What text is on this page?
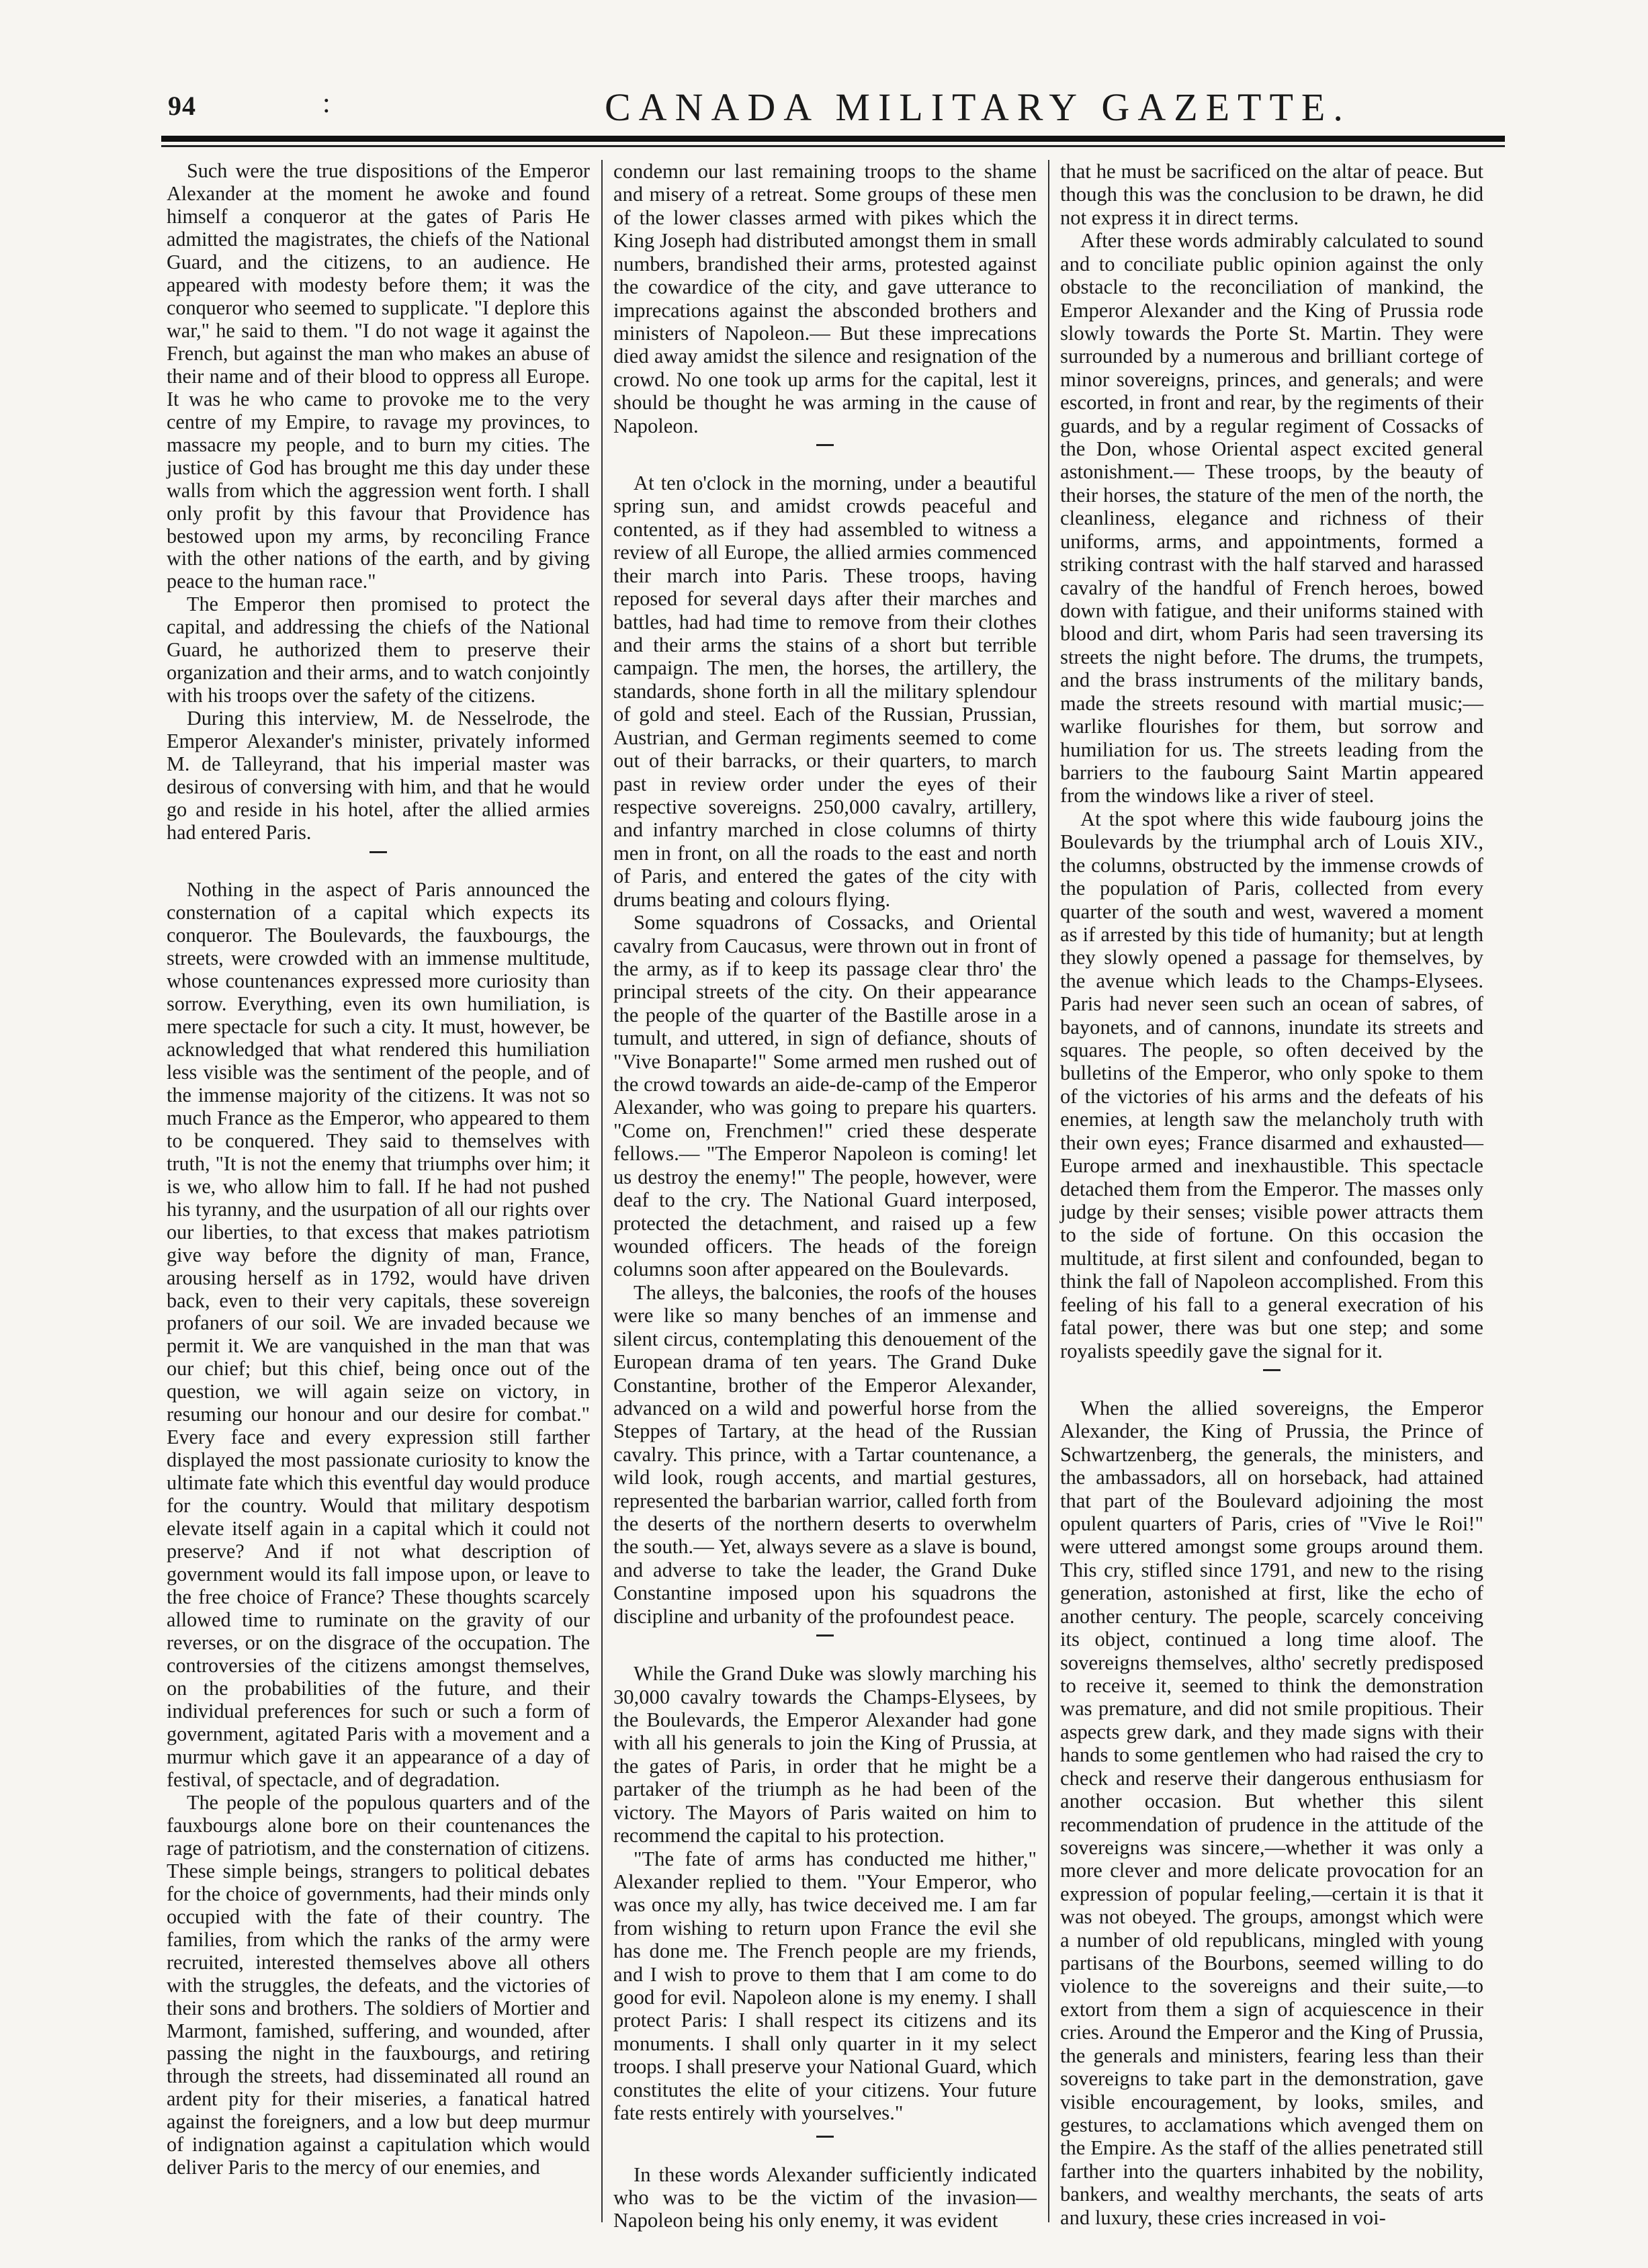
94	:	CANADA MILITARY GAZETTE.

Such were the true dispositions of the Emperor Alexander at the moment he awoke and found himself a conqueror at the gates of Paris He admitted the magistrates, the chiefs of the National Guard, and the citizens, to an audience. He appeared with modesty before them; it was the conqueror who seemed to supplicate. "I deplore this war," he said to them. "I do not wage it against the French, but against the man who makes an abuse of their name and of their blood to oppress all Europe. It was he who came to provoke me to the very centre of my Empire, to ravage my provinces, to massacre my people, and to burn my cities. The justice of God has brought me this day under these walls from which the aggression went forth. I shall only profit by this favour that Providence has bestowed upon my arms, by reconciling France with the other nations of the earth, and by giving peace to the human race."

The Emperor then promised to protect the capital, and addressing the chiefs of the National Guard, he authorized them to preserve their organization and their arms, and to watch conjointly with his troops over the safety of the citizens.

During this interview, M. de Nesselrode, the Emperor Alexander's minister, privately informed M. de Talleyrand, that his imperial master was desirous of conversing with him, and that he would go and reside in his hotel, after the allied armies had entered Paris.

Nothing in the aspect of Paris announced the consternation of a capital which expects its conqueror. The Boulevards, the fauxbourgs, the streets, were crowded with an immense multitude, whose countenances expressed more curiosity than sorrow. Everything, even its own humiliation, is mere spectacle for such a city. It must, however, be acknowledged that what rendered this humiliation less visible was the sentiment of the people, and of the immense majority of the citizens. It was not so much France as the Emperor, who appeared to them to be conquered. They said to themselves with truth, "It is not the enemy that triumphs over him; it is we, who allow him to fall. If he had not pushed his tyranny, and the usurpation of all our rights over our liberties, to that excess that makes patriotism give way before the dignity of man, France, arousing herself as in 1792, would have driven back, even to their very capitals, these sovereign profaners of our soil. We are invaded because we permit it. We are vanquished in the man that was our chief; but this chief, being once out of the question, we will again seize on victory, in resuming our honour and our desire for combat." Every face and every expression still farther displayed the most passionate curiosity to know the ultimate fate which this eventful day would produce for the country. Would that military despotism elevate itself again in a capital which it could not preserve? And if not what description of government would its fall impose upon, or leave to the free choice of France? These thoughts scarcely allowed time to ruminate on the gravity of our reverses, or on the disgrace of the occupation. The controversies of the citizens amongst themselves, on the probabilities of the future, and their individual preferences for such or such a form of government, agitated Paris with a movement and a murmur which gave it an appearance of a day of festival, of spectacle, and of degradation.

The people of the populous quarters and of the fauxbourgs alone bore on their countenances the rage of patriotism, and the consternation of citizens. These simple beings, strangers to political debates for the choice of governments, had their minds only occupied with the fate of their country. The families, from which the ranks of the army were recruited, interested themselves above all others with the struggles, the defeats, and the victories of their sons and brothers. The soldiers of Mortier and Marmont, famished, suffering, and wounded, after passing the night in the fauxbourgs, and retiring through the streets, had disseminated all round an ardent pity for their miseries, a fanatical hatred against the foreigners, and a low but deep murmur of indignation against a capitulation which would deliver Paris to the mercy of our enemies, and

condemn our last remaining troops to the shame and misery of a retreat. Some groups of these men of the lower classes armed with pikes which the King Joseph had distributed amongst them in small numbers, brandished their arms, protested against the cowardice of the city, and gave utterance to imprecations against the absconded brothers and ministers of Napoleon.— But these imprecations died away amidst the silence and resignation of the crowd. No one took up arms for the capital, lest it should be thought he was arming in the cause of Napoleon.

At ten o'clock in the morning, under a beautiful spring sun, and amidst crowds peaceful and contented, as if they had assembled to witness a review of all Europe, the allied armies commenced their march into Paris. These troops, having reposed for several days after their marches and battles, had had time to remove from their clothes and their arms the stains of a short but terrible campaign. The men, the horses, the artillery, the standards, shone forth in all the military splendour of gold and steel. Each of the Russian, Prussian, Austrian, and German regiments seemed to come out of their barracks, or their quarters, to march past in review order under the eyes of their respective sovereigns. 250,000 cavalry, artillery, and infantry marched in close columns of thirty men in front, on all the roads to the east and north of Paris, and entered the gates of the city with drums beating and colours flying.

Some squadrons of Cossacks, and Oriental cavalry from Caucasus, were thrown out in front of the army, as if to keep its passage clear thro' the principal streets of the city. On their appearance the people of the quarter of the Bastille arose in a tumult, and uttered, in sign of defiance, shouts of "Vive Bonaparte!" Some armed men rushed out of the crowd towards an aide-de-camp of the Emperor Alexander, who was going to prepare his quarters. "Come on, Frenchmen!" cried these desperate fellows.— "The Emperor Napoleon is coming! let us destroy the enemy!" The people, however, were deaf to the cry. The National Guard interposed, protected the detachment, and raised up a few wounded officers. The heads of the foreign columns soon after appeared on the Boulevards.

The alleys, the balconies, the roofs of the houses were like so many benches of an immense and silent circus, contemplating this denouement of the European drama of ten years. The Grand Duke Constantine, brother of the Emperor Alexander, advanced on a wild and powerful horse from the Steppes of Tartary, at the head of the Russian cavalry. This prince, with a Tartar countenance, a wild look, rough accents, and martial gestures, represented the barbarian warrior, called forth from the deserts of the northern deserts to overwhelm the south.— Yet, always severe as a slave is bound, and adverse to take the leader, the Grand Duke Constantine imposed upon his squadrons the discipline and urbanity of the profoundest peace.

While the Grand Duke was slowly marching his 30,000 cavalry towards the Champs-Elysees, by the Boulevards, the Emperor Alexander had gone with all his generals to join the King of Prussia, at the gates of Paris, in order that he might be a partaker of the triumph as he had been of the victory. The Mayors of Paris waited on him to recommend the capital to his protection.

"The fate of arms has conducted me hither," Alexander replied to them. "Your Emperor, who was once my ally, has twice deceived me. I am far from wishing to return upon France the evil she has done me. The French people are my friends, and I wish to prove to them that I am come to do good for evil. Napoleon alone is my enemy. I shall protect Paris: I shall respect its citizens and its monuments. I shall only quarter in it my select troops. I shall preserve your National Guard, which constitutes the elite of your citizens. Your future fate rests entirely with yourselves."

In these words Alexander sufficiently indicated who was to be the victim of the invasion— Napoleon being his only enemy, it was evident

that he must be sacrificed on the altar of peace. But though this was the conclusion to be drawn, he did not express it in direct terms.

After these words admirably calculated to sound and to conciliate public opinion against the only obstacle to the reconciliation of mankind, the Emperor Alexander and the King of Prussia rode slowly towards the Porte St. Martin. They were surrounded by a numerous and brilliant cortege of minor sovereigns, princes, and generals; and were escorted, in front and rear, by the regiments of their guards, and by a regular regiment of Cossacks of the Don, whose Oriental aspect excited general astonishment.— These troops, by the beauty of their horses, the stature of the men of the north, the cleanliness, elegance and richness of their uniforms, arms, and appointments, formed a striking contrast with the half starved and harassed cavalry of the handful of French heroes, bowed down with fatigue, and their uniforms stained with blood and dirt, whom Paris had seen traversing its streets the night before. The drums, the trumpets, and the brass instruments of the military bands, made the streets resound with martial music;—warlike flourishes for them, but sorrow and humiliation for us. The streets leading from the barriers to the faubourg Saint Martin appeared from the windows like a river of steel.

At the spot where this wide faubourg joins the Boulevards by the triumphal arch of Louis XIV., the columns, obstructed by the immense crowds of the population of Paris, collected from every quarter of the south and west, wavered a moment as if arrested by this tide of humanity; but at length they slowly opened a passage for themselves, by the avenue which leads to the Champs-Elysees. Paris had never seen such an ocean of sabres, of bayonets, and of cannons, inundate its streets and squares. The people, so often deceived by the bulletins of the Emperor, who only spoke to them of the victories of his arms and the defeats of his enemies, at length saw the melancholy truth with their own eyes; France disarmed and exhausted—Europe armed and inexhaustible. This spectacle detached them from the Emperor. The masses only judge by their senses; visible power attracts them to the side of fortune. On this occasion the multitude, at first silent and confounded, began to think the fall of Napoleon accomplished. From this feeling of his fall to a general execration of his fatal power, there was but one step; and some royalists speedily gave the signal for it.

When the allied sovereigns, the Emperor Alexander, the King of Prussia, the Prince of Schwartzenberg, the generals, the ministers, and the ambassadors, all on horseback, had attained that part of the Boulevard adjoining the most opulent quarters of Paris, cries of "Vive le Roi!" were uttered amongst some groups around them. This cry, stifled since 1791, and new to the rising generation, astonished at first, like the echo of another century. The people, scarcely conceiving its object, continued a long time aloof. The sovereigns themselves, altho' secretly predisposed to receive it, seemed to think the demonstration was premature, and did not smile propitious. Their aspects grew dark, and they made signs with their hands to some gentlemen who had raised the cry to check and reserve their dangerous enthusiasm for another occasion. But whether this silent recommendation of prudence in the attitude of the sovereigns was sincere,—whether it was only a more clever and more delicate provocation for an expression of popular feeling,—certain it is that it was not obeyed. The groups, amongst which were a number of old republicans, mingled with young partisans of the Bourbons, seemed willing to do violence to the sovereigns and their suite,—to extort from them a sign of acquiescence in their cries. Around the Emperor and the King of Prussia, the generals and ministers, fearing less than their sovereigns to take part in the demonstration, gave visible encouragement, by looks, smiles, and gestures, to acclamations which avenged them on the Empire. As the staff of the allies penetrated still farther into the quarters inhabited by the nobility, bankers, and wealthy merchants, the seats of arts and luxury, these cries increased in voi-
